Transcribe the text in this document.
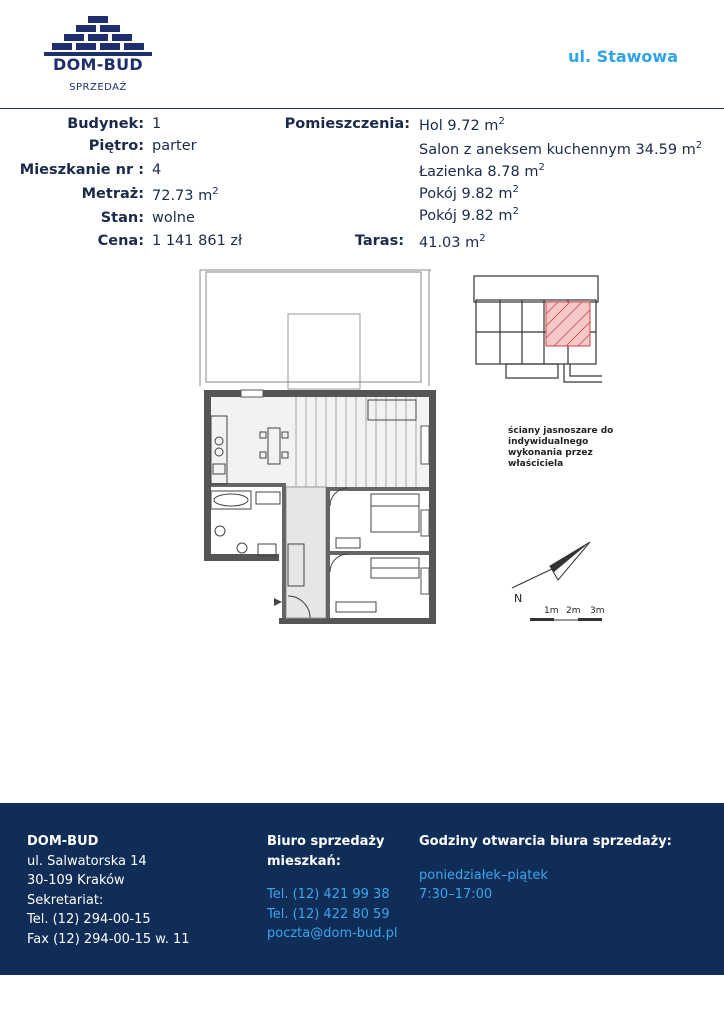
DOM-BUD
SPRZEDAŻ
ul. Stawowa
Budynek: 1
Piętro: parter
Mieszkanie nr : 4
Metraż: 72.73 $m^2$
Stan: wolne
Cena: 1 141 861 zł
Pomieszczenia: Hol 9.72 $m^2$
Salon z aneksem kuchennym 34.59 $m^2$
Łazienka 8.78 $m^2$
Pokój 9.82 $m^2$
Pokój 9.82 $m^2$
Taras: 41.03 $m^2$
ściany jasnoszare do indywidualnego wykonania przez właściciela
N
1m 2m 3m
DOM-BUD
ul. Salwatorska 14
30-109 Kraków
Sekretariat:
Tel. (12) 294-00-15
Fax (12) 294-00-15 w. 11
Biuro sprzedaży
mieszkań:
Tel. (12) 421 99 38
Tel. (12) 422 80 59
poczta@dom-bud.pl
Godziny otwarcia biura sprzedaży:
poniedziałek–piątek
7:30–17:00
